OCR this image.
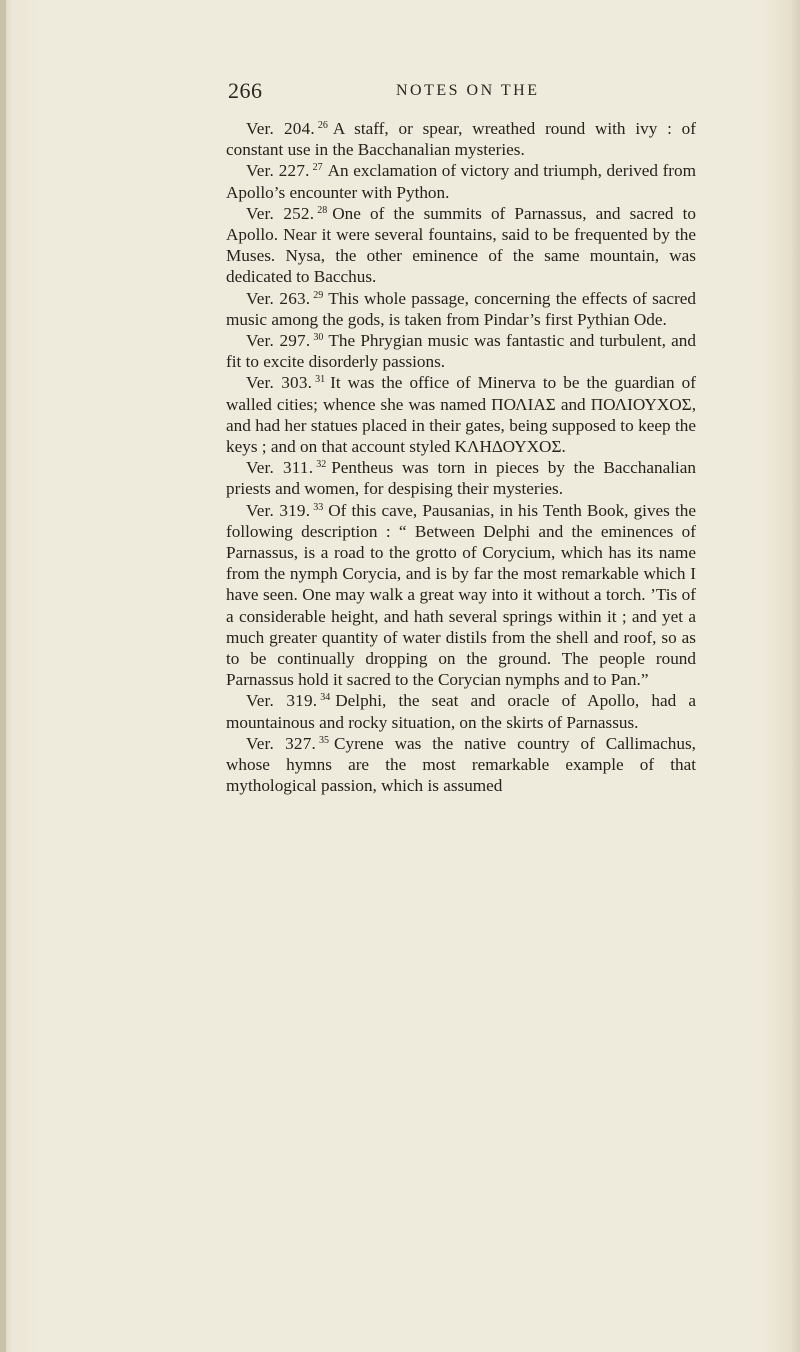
266	NOTES ON THE

Ver. 204. $^{26}$ A staff, or spear, wreathed round with ivy : of constant use in the Bacchanalian mysteries.

Ver. 227. $^{27}$ An exclamation of victory and triumph, derived from Apollo’s encounter with Python.

Ver. 252. $^{28}$ One of the summits of Parnassus, and sacred to Apollo. Near it were several fountains, said to be frequented by the Muses. Nysa, the other eminence of the same mountain, was dedicated to Bacchus.

Ver. 263. $^{29}$ This whole passage, concerning the effects of sacred music among the gods, is taken from Pindar’s first Pythian Ode.

Ver. 297. $^{30}$ The Phrygian music was fantastic and turbulent, and fit to excite disorderly passions.

Ver. 303. $^{31}$ It was the office of Minerva to be the guardian of walled cities; whence she was named ΠΟΛΙΑΣ and ΠΟΛΙΟΥΧΟΣ, and had her statues placed in their gates, being supposed to keep the keys ; and on that account styled ΚΛΗΔΟΥΧΟΣ.

Ver. 311. $^{32}$ Pentheus was torn in pieces by the Bacchanalian priests and women, for despising their mysteries.

Ver. 319. $^{33}$ Of this cave, Pausanias, in his Tenth Book, gives the following description : “ Between Delphi and the eminences of Parnassus, is a road to the grotto of Corycium, which has its name from the nymph Corycia, and is by far the most remarkable which I have seen. One may walk a great way into it without a torch. ’Tis of a considerable height, and hath several springs within it ; and yet a much greater quantity of water distils from the shell and roof, so as to be continually dropping on the ground. The people round Parnassus hold it sacred to the Corycian nymphs and to Pan.”

Ver. 319. $^{34}$ Delphi, the seat and oracle of Apollo, had a mountainous and rocky situation, on the skirts of Parnassus.

Ver. 327. $^{35}$ Cyrene was the native country of Callimachus, whose hymns are the most remarkable example of that mythological passion, which is assumed
